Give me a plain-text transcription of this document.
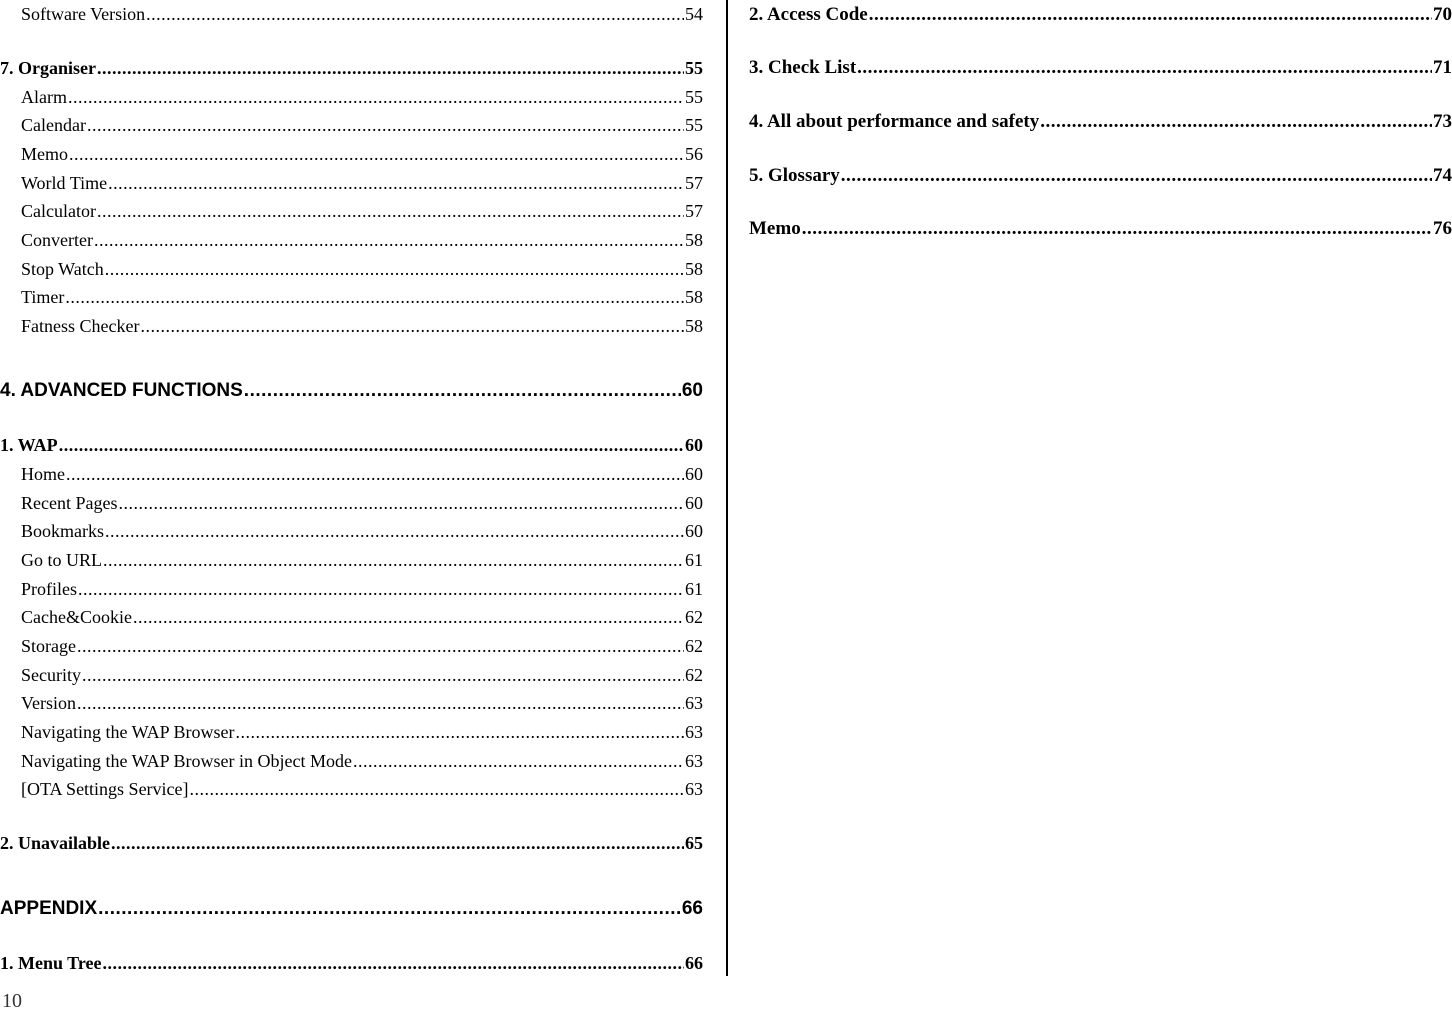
Software Version .....	54
7. Organiser .....	55
Alarm .....	55
Calendar .....	55
Memo .....	56
World Time .....	57
Calculator .....	57
Converter .....	58
Stop Watch .....	58
Timer .....	58
Fatness Checker .....	58
4. ADVANCED FUNCTIONS .....	60
1. WAP .....	60
Home .....	60
Recent Pages .....	60
Bookmarks .....	60
Go to URL .....	61
Profiles .....	61
Cache&Cookie .....	62
Storage .....	62
Security .....	62
Version .....	63
Navigating the WAP Browser .....	63
Navigating the WAP Browser in Object Mode .....	63
[OTA Settings Service] .....	63
2. Unavailable .....	65
APPENDIX .....	66
1. Menu Tree .....	66
2. Access Code .....	70
3. Check List .....	71
4. All about performance and safety .....	73
5. Glossary .....	74
Memo .....	76
10
